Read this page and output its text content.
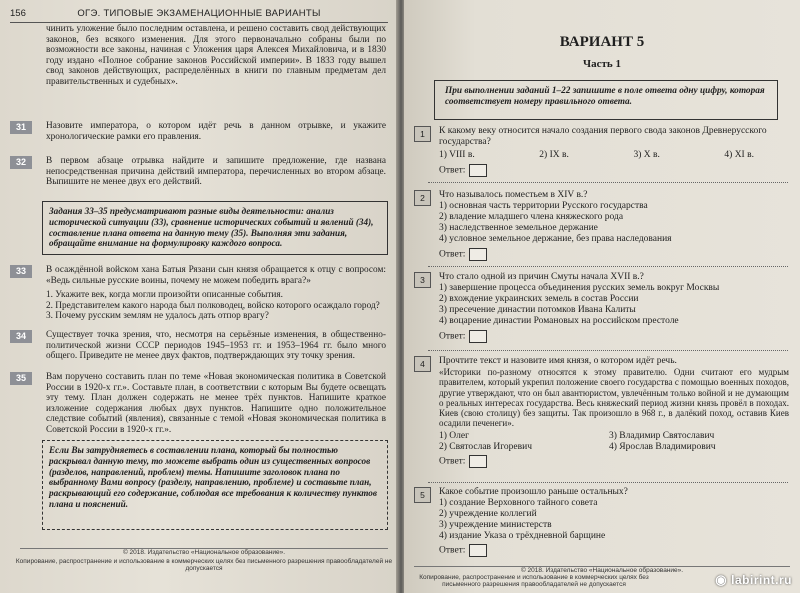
156	ОГЭ. ТИПОВЫЕ ЭКЗАМЕНАЦИОННЫЕ ВАРИАНТЫ
чинить уложение было последним оставлена, и решено составить свод действующих законов, без всякого изменения. Для этого первоначально собраны были по возможности все законы, начиная с Уложения царя Алексея Михайловича, и в 1830 году издано «Полное собрание законов Российской империи». В 1833 году вышел свод законов действующих, распределённых в книги по главным предметам дел правительственных и судебных».
31	Назовите императора, о котором идёт речь в данном отрывке, и укажите хронологические рамки его правления.
32	В первом абзаце отрывка найдите и запишите предложение, где названа непосредственная причина действий императора, перечисленных во втором абзаце. Выпишите не менее двух его действий.
Задания 33–35 предусматривают разные виды деятельности: анализ исторической ситуации (33), сравнение исторических событий и явлений (34), составление плана ответа на данную тему (35). Выполняя эти задания, обращайте внимание на формулировку каждого вопроса.
33	В осаждённой войском хана Батыя Рязани сын князя обращается к отцу с вопросом: «Ведь сильные русские воины, почему не можем победить врага?»
1. Укажите век, когда могли произойти описанные события.
2. Представителем какого народа был полководец, войско которого осаждало город?
3. Почему русским землям не удалось дать отпор врагу?
34	Существует точка зрения, что, несмотря на серьёзные изменения, в общественно-политической жизни СССР периодов 1945–1953 гг. и 1953–1964 гг. было много общего. Приведите не менее двух фактов, подтверждающих эту точку зрения.
35	Вам поручено составить план по теме «Новая экономическая политика в Советской России в 1920-х гг.». Составьте план, в соответствии с которым Вы будете освещать эту тему. План должен содержать не менее трёх пунктов. Напишите краткое изложение содержания любых двух пунктов. Напишите одно положительное следствие событий (явления), связанные с темой «Новая экономическая политика в Советской России в 1920-х гг.».
Если Вы затрудняетесь в составлении плана, который бы полностью раскрывал данную тему, то можете выбрать один из существенных вопросов (разделов, направлений, проблем) темы. Напишите заголовок плана по выбранному Вами вопросу (разделу, направлению, проблеме) и составьте план, раскрывающий его содержание, соблюдая все требования к количеству пунктов плана и пояснений.
© 2018. Издательство «Национальное образование».
Копирование, распространение и использование в коммерческих целях без письменного разрешения правообладателей не допускается
ВАРИАНТ 5
Часть 1
При выполнении заданий 1–22 запишите в поле ответа одну цифру, которая соответствует номеру правильного ответа.
1	К какому веку относится начало создания первого свода законов Древнерусского государства?
1) VIII в.	2) IX в.	3) X в.	4) XI в.
Ответ:
2	Что называлось поместьем в XIV в.?
1) основная часть территории Русского государства
2) владение младшего члена княжеского рода
3) наследственное земельное держание
4) условное земельное держание, без права наследования
Ответ:
3	Что стало одной из причин Смуты начала XVII в.?
1) завершение процесса объединения русских земель вокруг Москвы
2) вхождение украинских земель в состав России
3) пресечение династии потомков Ивана Калиты
4) воцарение династии Романовых на российском престоле
Ответ:
4	Прочтите текст и назовите имя князя, о котором идёт речь.
«Историки по-разному относятся к этому правителю. Одни считают его мудрым правителем, который укрепил положение своего государства с помощью военных походов, другие утверждают, что он был авантюристом, увлечённым только войной и не думающим о реальных интересах государства. Весь княжеский период жизни князь провёл в походах. Киев (свою столицу) без защиты. Так произошло в 968 г., в далёкий поход, оставив Киев осадили печенеги».
1) Олег
2) Святослав Игоревич
3) Владимир Святославич
4) Ярослав Владимирович
Ответ:
5	Какое событие произошло раньше остальных?
1) создание Верховного тайного совета
2) учреждение коллегий
3) учреждение министерств
4) издание Указа о трёхдневной барщине
Ответ:
© 2018. Издательство «Национальное образование».
Копирование, распространение и использование в коммерческих целях без письменного разрешения правообладателей не допускается	◉ labirint.ru
